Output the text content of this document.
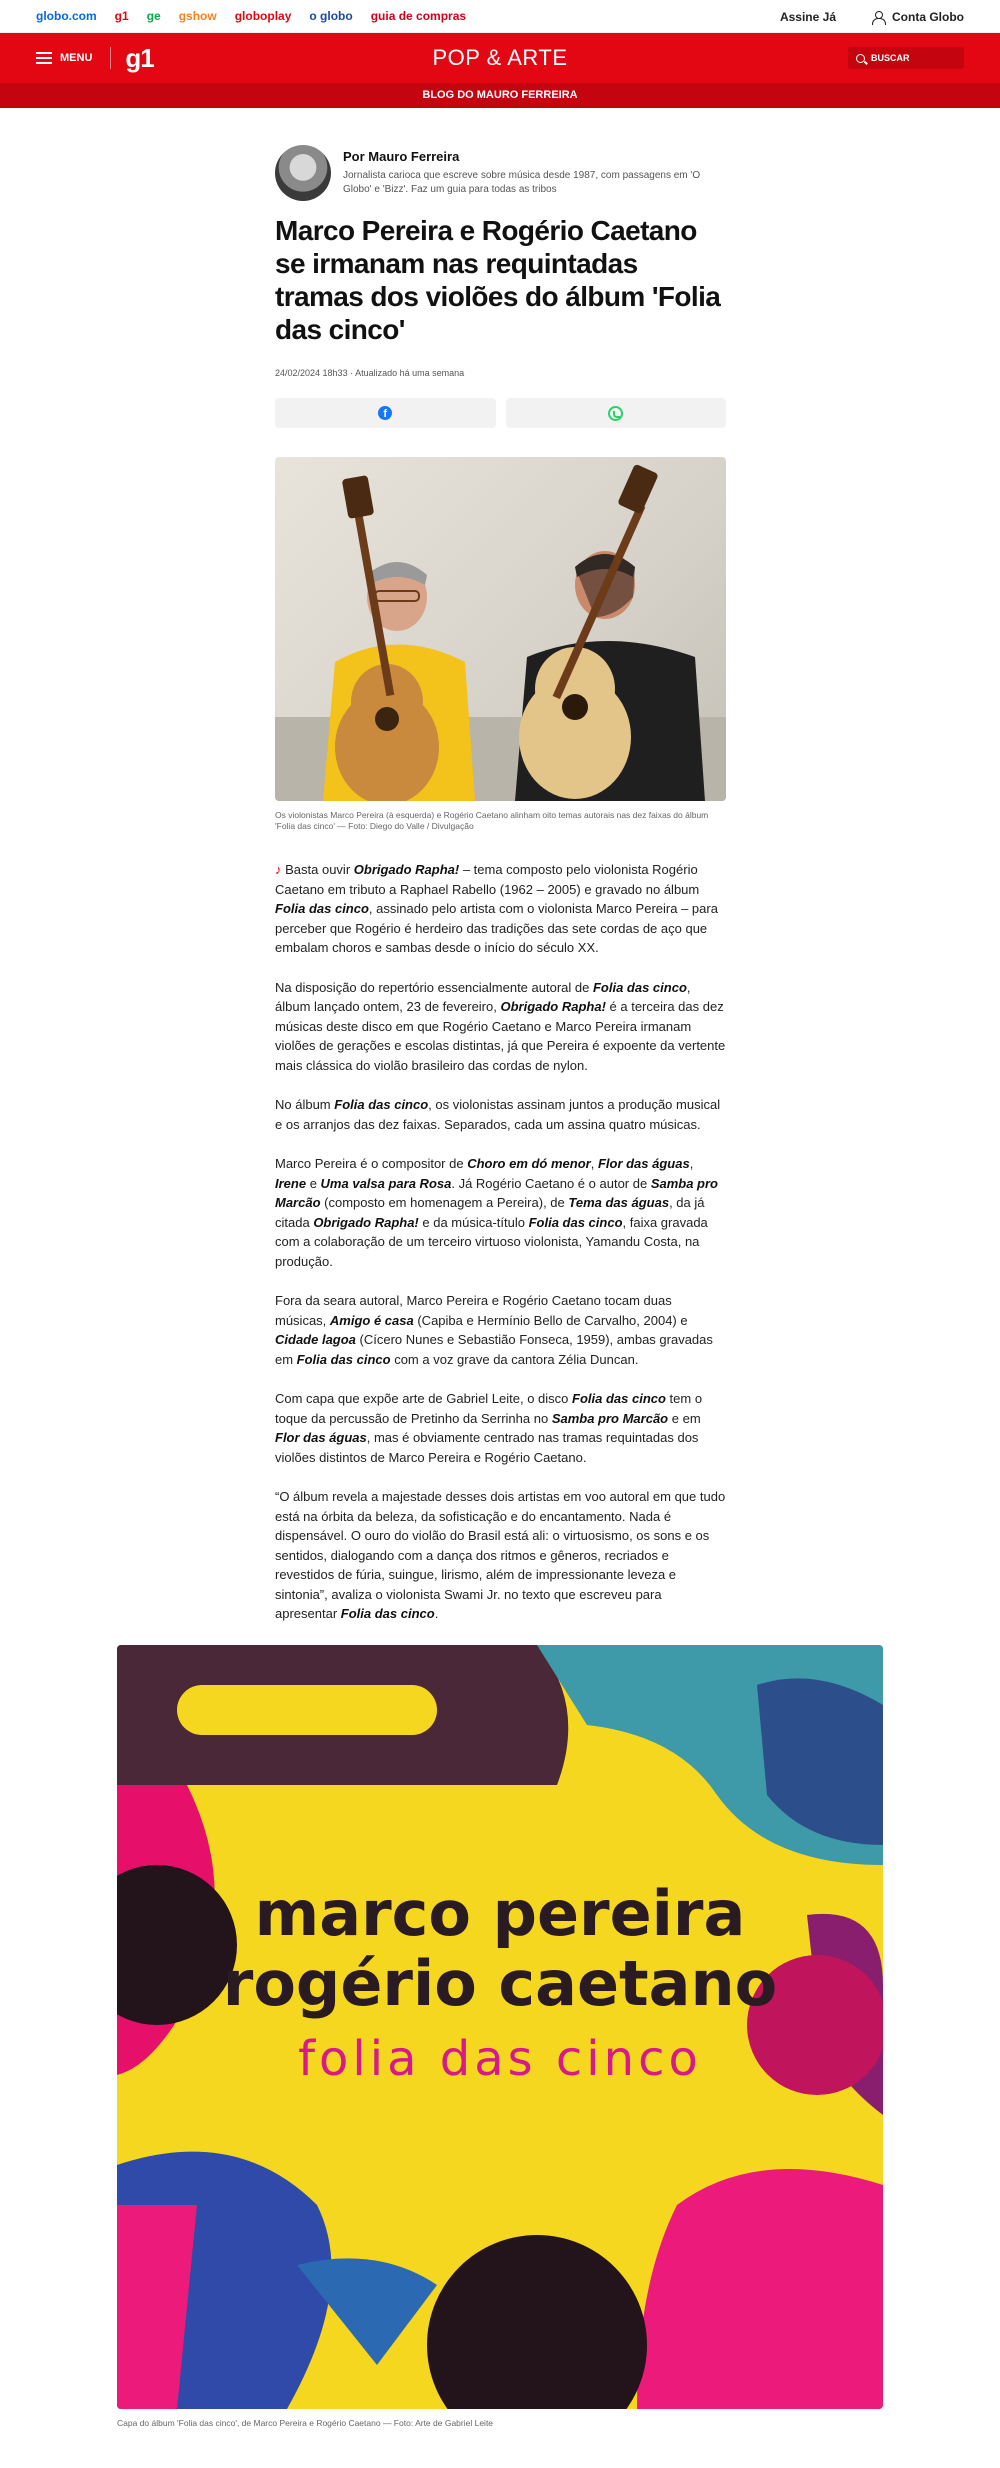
globo.com g1 ge gshow globoplay o globo guia de compras	Assine Já	Conta Globo
MENU g1	POP & ARTE	BUSCAR
BLOG DO MAURO FERREIRA
Por Mauro Ferreira
Jornalista carioca que escreve sobre música desde 1987, com passagens em 'O Globo' e 'Bizz'. Faz um guia para todas as tribos
Marco Pereira e Rogério Caetano se irmanam nas requintadas tramas dos violões do álbum 'Folia das cinco'
24/02/2024 18h33 · Atualizado há uma semana
f
Os violonistas Marco Pereira (à esquerda) e Rogério Caetano alinham oito temas autorais nas dez faixas do álbum 'Folia das cinco' — Foto: Diego do Valle / Divulgação

♪ Basta ouvir Obrigado Rapha! – tema composto pelo violonista Rogério Caetano em tributo a Raphael Rabello (1962 – 2005) e gravado no álbum Folia das cinco, assinado pelo artista com o violonista Marco Pereira – para perceber que Rogério é herdeiro das tradições das sete cordas de aço que embalam choros e sambas desde o início do século XX.

Na disposição do repertório essencialmente autoral de Folia das cinco, álbum lançado ontem, 23 de fevereiro, Obrigado Rapha! é a terceira das dez músicas deste disco em que Rogério Caetano e Marco Pereira irmanam violões de gerações e escolas distintas, já que Pereira é expoente da vertente mais clássica do violão brasileiro das cordas de nylon.

No álbum Folia das cinco, os violonistas assinam juntos a produção musical e os arranjos das dez faixas. Separados, cada um assina quatro músicas.

Marco Pereira é o compositor de Choro em dó menor, Flor das águas, Irene e Uma valsa para Rosa. Já Rogério Caetano é o autor de Samba pro Marcão (composto em homenagem a Pereira), de Tema das águas, da já citada Obrigado Rapha! e da música-título Folia das cinco, faixa gravada com a colaboração de um terceiro virtuoso violonista, Yamandu Costa, na produção.

Fora da seara autoral, Marco Pereira e Rogério Caetano tocam duas músicas, Amigo é casa (Capiba e Hermínio Bello de Carvalho, 2004) e Cidade lagoa (Cícero Nunes e Sebastião Fonseca, 1959), ambas gravadas em Folia das cinco com a voz grave da cantora Zélia Duncan.

Com capa que expõe arte de Gabriel Leite, o disco Folia das cinco tem o toque da percussão de Pretinho da Serrinha no Samba pro Marcão e em Flor das águas, mas é obviamente centrado nas tramas requintadas dos violões distintos de Marco Pereira e Rogério Caetano.

“O álbum revela a majestade desses dois artistas em voo autoral em que tudo está na órbita da beleza, da sofisticação e do encantamento. Nada é dispensável. O ouro do violão do Brasil está ali: o virtuosismo, os sons e os sentidos, dialogando com a dança dos ritmos e gêneros, recriados e revestidos de fúria, suingue, lirismo, além de impressionante leveza e sintonia”, avaliza o violonista Swami Jr. no texto que escreveu para apresentar Folia das cinco.

marco pereira
rogério caetano
folia das cinco
Capa do álbum 'Folia das cinco', de Marco Pereira e Rogério Caetano — Foto: Arte de Gabriel Leite
